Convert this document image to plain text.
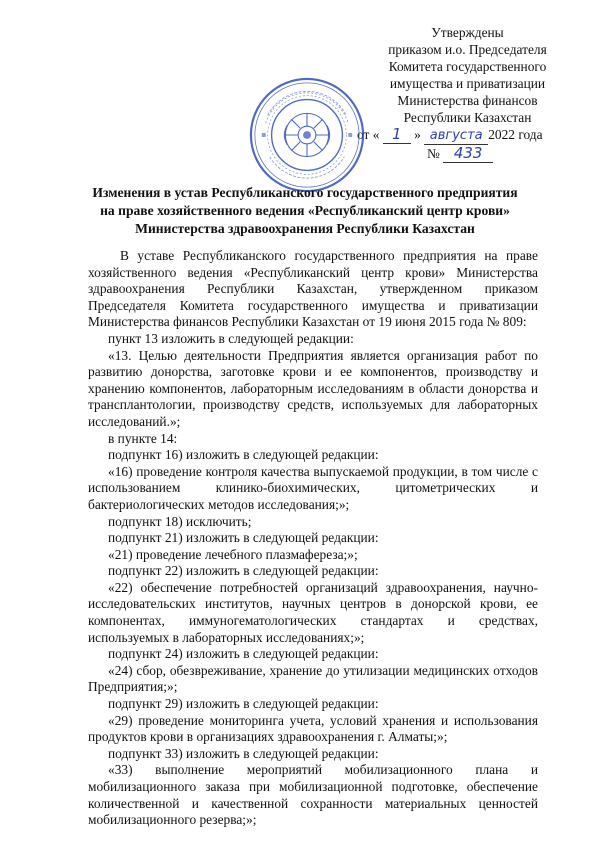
Утверждены
приказом и.о. Председателя
Комитета государственного
имущества и приватизации
Министерства финансов
Республики Казахстан
от « 1 » августа 2022 года
№ 433
Изменения в устав Республиканского государственного предприятия
на праве хозяйственного ведения «Республиканский центр крови»
Министерства здравоохранения Республики Казахстан

В уставе Республиканского государственного предприятия на праве хозяйственного ведения «Республиканский центр крови» Министерства здравоохранения Республики Казахстан, утвержденном приказом Председателя Комитета государственного имущества и приватизации Министерства финансов Республики Казахстан от 19 июня 2015 года № 809:

пункт 13 изложить в следующей редакции:

«13. Целью деятельности Предприятия является организация работ по развитию донорства, заготовке крови и ее компонентов, производству и хранению компонентов, лабораторным исследованиям в области донорства и трансплантологии, производству средств, используемых для лабораторных исследований.»;

в пункте 14:

подпункт 16) изложить в следующей редакции:

«16) проведение контроля качества выпускаемой продукции, в том числе с использованием клинико-биохимических, цитометрических и бактериологических методов исследования;»;

подпункт 18) исключить;

подпункт 21) изложить в следующей редакции:

«21) проведение лечебного плазмафереза;»;

подпункт 22) изложить в следующей редакции:

«22) обеспечение потребностей организаций здравоохранения, научно-исследовательских институтов, научных центров в донорской крови, ее компонентах, иммуногематологических стандартах и средствах, используемых в лабораторных исследованиях;»;

подпункт 24) изложить в следующей редакции:

«24) сбор, обезвреживание, хранение до утилизации медицинских отходов Предприятия;»;

подпункт 29) изложить в следующей редакции:

«29) проведение мониторинга учета, условий хранения и использования продуктов крови в организациях здравоохранения г. Алматы;»;

подпункт 33) изложить в следующей редакции:

«33) выполнение мероприятий мобилизационного плана и мобилизационного заказа при мобилизационной подготовке, обеспечение количественной и качественной сохранности материальных ценностей мобилизационного резерва;»;
